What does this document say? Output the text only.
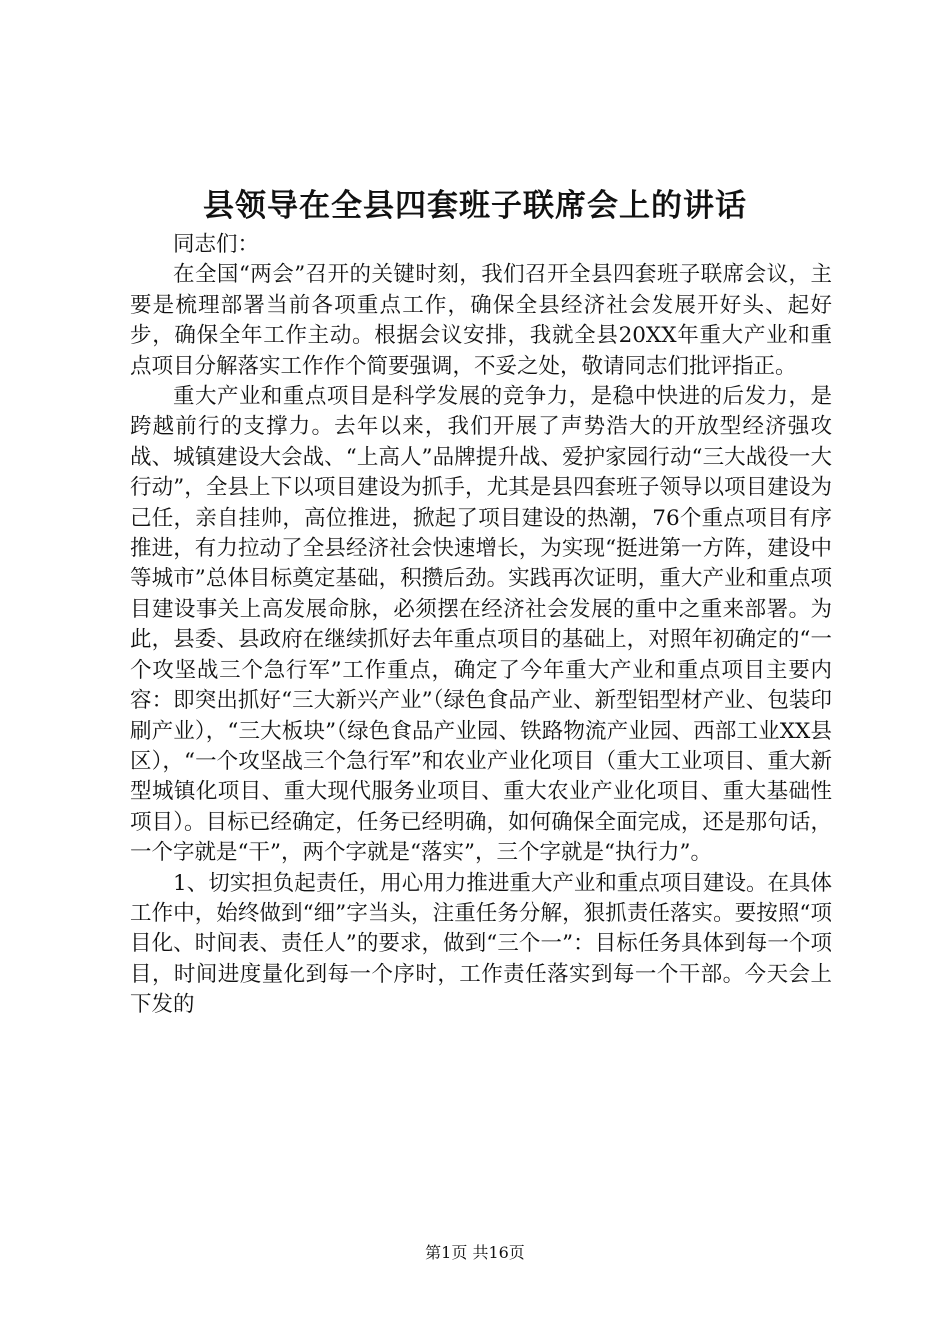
县领导在全县四套班子联席会上的讲话

同志们：

在全国“两会”召开的关键时刻，我们召开全县四套班子联席会议，主要是梳理部署当前各项重点工作，确保全县经济社会发展开好头、起好步，确保全年工作主动。根据会议安排，我就全县20XX年重大产业和重点项目分解落实工作作个简要强调，不妥之处，敬请同志们批评指正。

重大产业和重点项目是科学发展的竞争力，是稳中快进的后发力，是跨越前行的支撑力。去年以来，我们开展了声势浩大的开放型经济强攻战、城镇建设大会战、“上高人”品牌提升战、爱护家园行动“三大战役一大行动”，全县上下以项目建设为抓手，尤其是县四套班子领导以项目建设为己任，亲自挂帅，高位推进，掀起了项目建设的热潮，76个重点项目有序推进，有力拉动了全县经济社会快速增长，为实现“挺进第一方阵，建设中等城市”总体目标奠定基础，积攒后劲。实践再次证明，重大产业和重点项目建设事关上高发展命脉，必须摆在经济社会发展的重中之重来部署。为此，县委、县政府在继续抓好去年重点项目的基础上，对照年初确定的“一个攻坚战三个急行军”工作重点，确定了今年重大产业和重点项目主要内容：即突出抓好“三大新兴产业”（绿色食品产业、新型铝型材产业、包装印刷产业），“三大板块”（绿色食品产业园、铁路物流产业园、西部工业XX县区），“一个攻坚战三个急行军”和农业产业化项目（重大工业项目、重大新型城镇化项目、重大现代服务业项目、重大农业产业化项目、重大基础性项目）。目标已经确定，任务已经明确，如何确保全面完成，还是那句话，一个字就是“干”，两个字就是“落实”，三个字就是“执行力”。

1、切实担负起责任，用心用力推进重大产业和重点项目建设。在具体工作中，始终做到“细”字当头，注重任务分解，狠抓责任落实。要按照“项目化、时间表、责任人”的要求，做到“三个一”：目标任务具体到每一个项目，时间进度量化到每一个序时，工作责任落实到每一个干部。今天会上下发的

第1页 共16页
